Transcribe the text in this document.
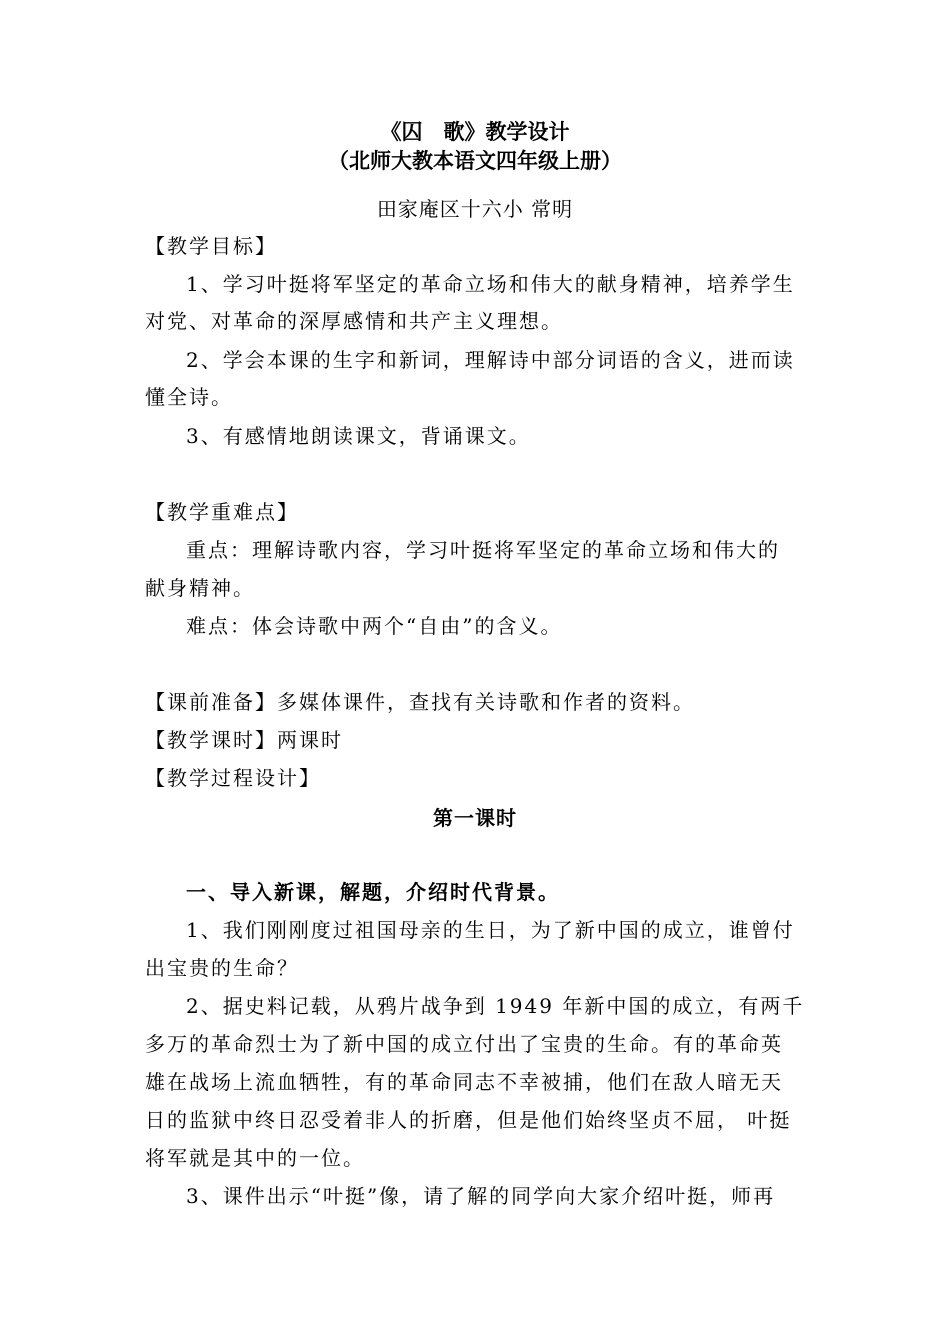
《囚　歌》教学设计
（北师大教本语文四年级上册）
田家庵区十六小 常明
【教学目标】
1、学习叶挺将军坚定的革命立场和伟大的献身精神，培养学生
对党、对革命的深厚感情和共产主义理想。
2、学会本课的生字和新词，理解诗中部分词语的含义，进而读
懂全诗。
3、有感情地朗读课文，背诵课文。
【教学重难点】
重点：理解诗歌内容，学习叶挺将军坚定的革命立场和伟大的
献身精神。
难点：体会诗歌中两个“自由”的含义。
【课前准备】多媒体课件，查找有关诗歌和作者的资料。
【教学课时】两课时
【教学过程设计】
第一课时
一、导入新课，解题，介绍时代背景。
1、我们刚刚度过祖国母亲的生日，为了新中国的成立，谁曾付
出宝贵的生命？
2、据史料记载，从鸦片战争到 1949 年新中国的成立，有两千
多万的革命烈士为了新中国的成立付出了宝贵的生命。有的革命英
雄在战场上流血牺牲，有的革命同志不幸被捕，他们在敌人暗无天
日的监狱中终日忍受着非人的折磨，但是他们始终坚贞不屈， 叶挺
将军就是其中的一位。
3、课件出示“叶挺”像，请了解的同学向大家介绍叶挺，师再
